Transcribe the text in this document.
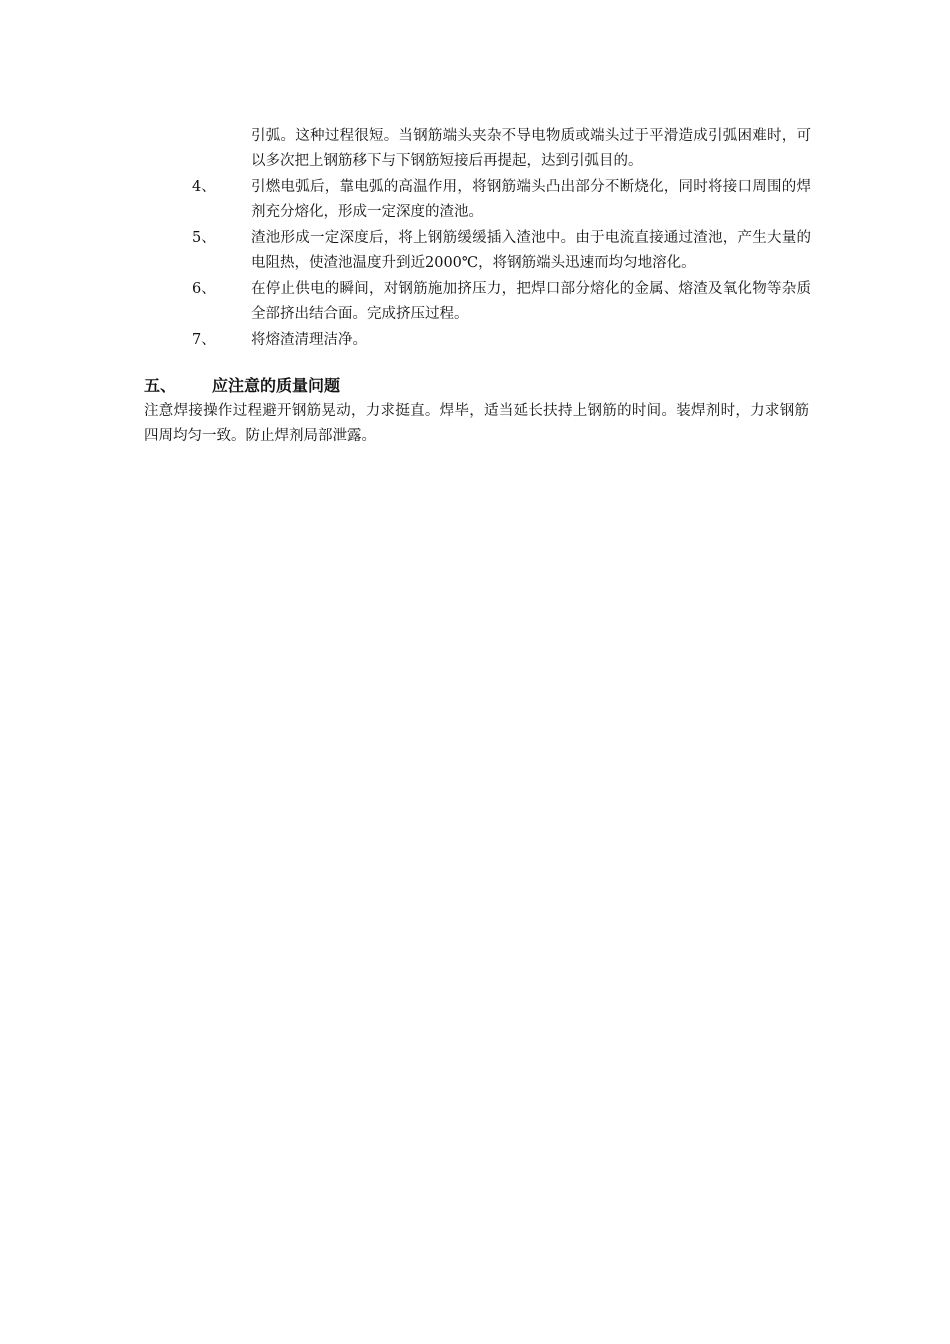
引弧。这种过程很短。当钢筋端头夹杂不导电物质或端头过于平滑造成引弧困难时，可以多次把上钢筋移下与下钢筋短接后再提起，达到引弧目的。
4、	引燃电弧后，靠电弧的高温作用，将钢筋端头凸出部分不断烧化，同时将接口周围的焊剂充分熔化，形成一定深度的渣池。
5、	渣池形成一定深度后，将上钢筋缓缓插入渣池中。由于电流直接通过渣池，产生大量的电阻热，使渣池温度升到近2000℃，将钢筋端头迅速而均匀地溶化。
6、	在停止供电的瞬间，对钢筋施加挤压力，把焊口部分熔化的金属、熔渣及氧化物等杂质全部挤出结合面。完成挤压过程。
7、	将熔渣清理洁净。
五、	应注意的质量问题

注意焊接操作过程避开钢筋晃动，力求挺直。焊毕，适当延长扶持上钢筋的时间。装焊剂时，力求钢筋四周均匀一致。防止焊剂局部泄露。
